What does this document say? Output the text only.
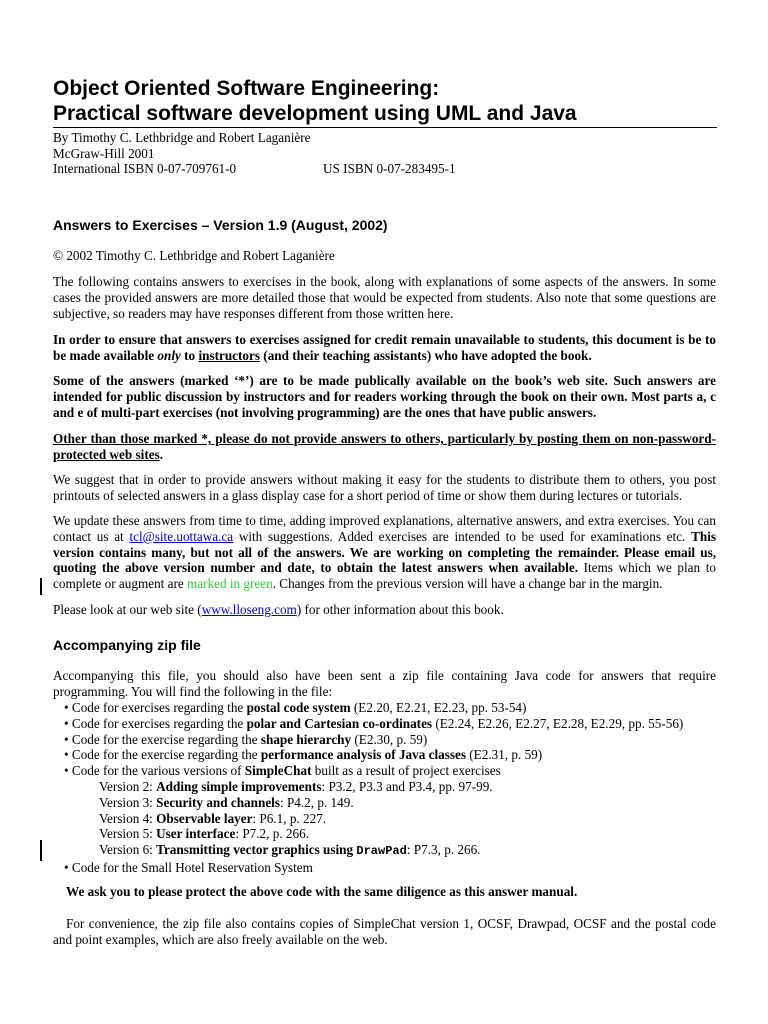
Object Oriented Software Engineering:
Practical software development using UML and Java
By Timothy C. Lethbridge and Robert Laganière
McGraw-Hill 2001
International ISBN 0-07-709761-0	US ISBN 0-07-283495-1
Answers to Exercises – Version 1.9 (August, 2002)

© 2002 Timothy C. Lethbridge and Robert Laganière

The following contains answers to exercises in the book, along with explanations of some aspects of the answers. In some cases the provided answers are more detailed those that would be expected from students. Also note that some questions are subjective, so readers may have responses different from those written here.

In order to ensure that answers to exercises assigned for credit remain unavailable to students, this document is be to be made available only to instructors (and their teaching assistants) who have adopted the book.

Some of the answers (marked ‘*’) are to be made publically available on the book’s web site. Such answers are intended for public discussion by instructors and for readers working through the book on their own. Most parts a, c and e of multi-part exercises (not involving programming) are the ones that have public answers.

Other than those marked *, please do not provide answers to others, particularly by posting them on non-password-protected web sites.

We suggest that in order to provide answers without making it easy for the students to distribute them to others, you post printouts of selected answers in a glass display case for a short period of time or show them during lectures or tutorials.

We update these answers from time to time, adding improved explanations, alternative answers, and extra exercises. You can contact us at tcl@site.uottawa.ca with suggestions. Added exercises are intended to be used for examinations etc. This version contains many, but not all of the answers. We are working on completing the remainder. Please email us, quoting the above version number and date, to obtain the latest answers when available. Items which we plan to complete or augment are marked in green. Changes from the previous version will have a change bar in the margin.

Please look at our web site (www.lloseng.com) for other information about this book.

Accompanying zip file

Accompanying this file, you should also have been sent a zip file containing Java code for answers that require programming. You will find the following in the file:

• Code for exercises regarding the postal code system (E2.20, E2.21, E2.23, pp. 53-54)
• Code for exercises regarding the polar and Cartesian co-ordinates (E2.24, E2.26, E2.27, E2.28, E2.29, pp. 55-56)
• Code for the exercise regarding the shape hierarchy (E2.30, p. 59)
• Code for the exercise regarding the performance analysis of Java classes (E2.31, p. 59)
• Code for the various versions of SimpleChat built as a result of project exercises
Version 2: Adding simple improvements: P3.2, P3.3 and P3.4, pp. 97-99.
Version 3: Security and channels: P4.2, p. 149.
Version 4: Observable layer: P6.1, p. 227.
Version 5: User interface: P7.2, p. 266.
Version 6: Transmitting vector graphics using DrawPad: P7.3, p. 266.
• Code for the Small Hotel Reservation System

We ask you to please protect the above code with the same diligence as this answer manual.

For convenience, the zip file also contains copies of SimpleChat version 1, OCSF, Drawpad, OCSF and the postal code and point examples, which are also freely available on the web.
